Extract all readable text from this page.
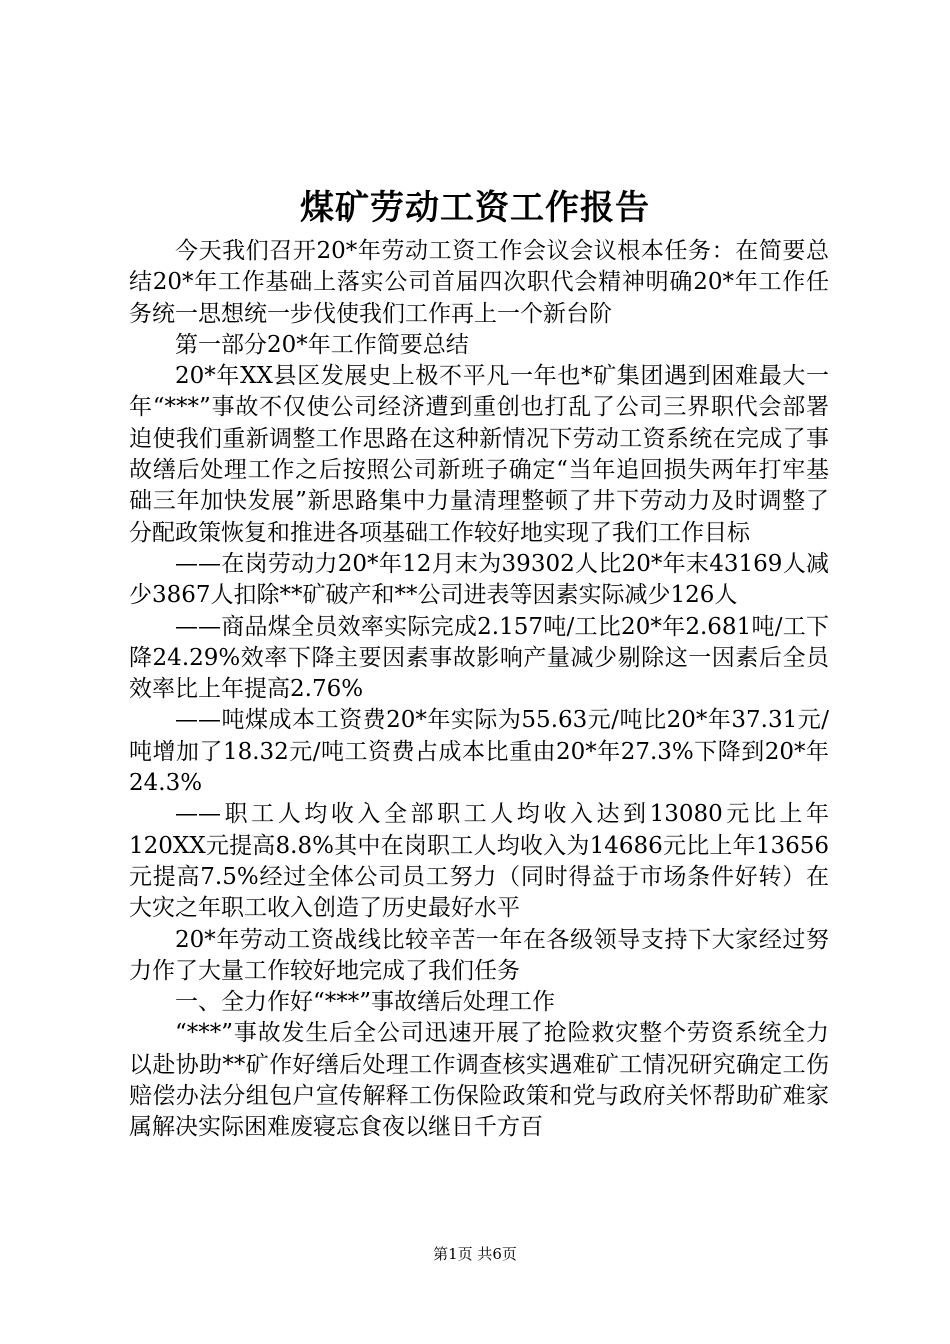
煤矿劳动工资工作报告

今天我们召开20*年劳动工资工作会议会议根本任务：在简要总结20*年工作基础上落实公司首届四次职代会精神明确20*年工作任务统一思想统一步伐使我们工作再上一个新台阶

第一部分20*年工作简要总结

20*年XX县区发展史上极不平凡一年也*矿集团遇到困难最大一年“***”事故不仅使公司经济遭到重创也打乱了公司三界职代会部署迫使我们重新调整工作思路在这种新情况下劳动工资系统在完成了事故缮后处理工作之后按照公司新班子确定“当年追回损失两年打牢基础三年加快发展”新思路集中力量清理整顿了井下劳动力及时调整了分配政策恢复和推进各项基础工作较好地实现了我们工作目标

——在岗劳动力20*年12月末为39302人比20*年末43169人减少3867人扣除**矿破产和**公司进表等因素实际减少126人

——商品煤全员效率实际完成2.157吨/工比20*年2.681吨/工下降24.29%效率下降主要因素事故影响产量减少剔除这一因素后全员效率比上年提高2.76%

——吨煤成本工资费20*年实际为55.63元/吨比20*年37.31元/吨增加了18.32元/吨工资费占成本比重由20*年27.3%下降到20*年24.3%

——职工人均收入全部职工人均收入达到13080元比上年120XX元提高8.8%其中在岗职工人均收入为14686元比上年13656元提高7.5%经过全体公司员工努力（同时得益于市场条件好转）在大灾之年职工收入创造了历史最好水平

20*年劳动工资战线比较辛苦一年在各级领导支持下大家经过努力作了大量工作较好地完成了我们任务

一、全力作好“***”事故缮后处理工作

“***”事故发生后全公司迅速开展了抢险救灾整个劳资系统全力以赴协助**矿作好缮后处理工作调查核实遇难矿工情况研究确定工伤赔偿办法分组包户宣传解释工伤保险政策和党与政府关怀帮助矿难家属解决实际困难废寝忘食夜以继日千方百

第1页 共6页
